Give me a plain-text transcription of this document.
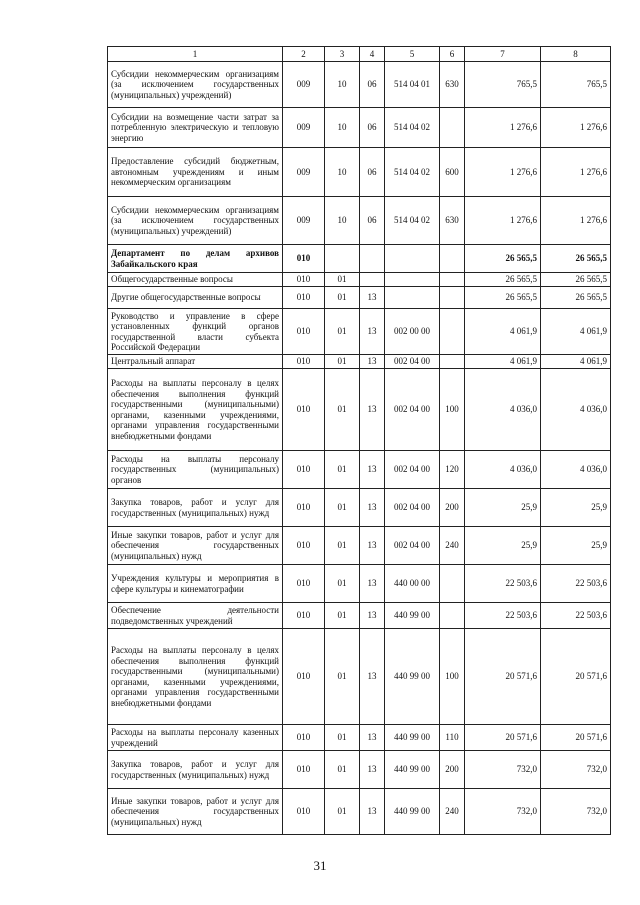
1	2	3	4	5	6	7	8
Субсидии некоммерческим организациям (за исключением государственных (муниципальных) учреждений)	009	10	06	514 04 01	630	765,5	765,5
Субсидии на возмещение части затрат за потребленную электрическую и тепловую энергию	009	10	06	514 04 02		1 276,6	1 276,6
Предоставление субсидий бюджетным, автономным учреждениям и иным некоммерческим организациям	009	10	06	514 04 02	600	1 276,6	1 276,6
Субсидии некоммерческим организациям (за исключением государственных (муниципальных) учреждений)	009	10	06	514 04 02	630	1 276,6	1 276,6
Департамент по делам архивов Забайкальского края	010					26 565,5	26 565,5
Общегосударственные вопросы	010	01				26 565,5	26 565,5
Другие общегосударственные вопросы	010	01	13			26 565,5	26 565,5
Руководство и управление в сфере установленных функций органов государственной власти субъекта Российской Федерации	010	01	13	002 00 00		4 061,9	4 061,9
Центральный аппарат	010	01	13	002 04 00		4 061,9	4 061,9
Расходы на выплаты персоналу в целях обеспечения выполнения функций государственными (муниципальными) органами, казенными учреждениями, органами управления государственными внебюджетными фондами	010	01	13	002 04 00	100	4 036,0	4 036,0
Расходы на выплаты персоналу государственных (муниципальных) органов	010	01	13	002 04 00	120	4 036,0	4 036,0
Закупка товаров, работ и услуг для государственных (муниципальных) нужд	010	01	13	002 04 00	200	25,9	25,9
Иные закупки товаров, работ и услуг для обеспечения государственных (муниципальных) нужд	010	01	13	002 04 00	240	25,9	25,9
Учреждения культуры и мероприятия в сфере культуры и кинематографии	010	01	13	440 00 00		22 503,6	22 503,6
Обеспечение деятельности подведомственных учреждений	010	01	13	440 99 00		22 503,6	22 503,6
Расходы на выплаты персоналу в целях обеспечения выполнения функций государственными (муниципальными) органами, казенными учреждениями, органами управления государственными внебюджетными фондами	010	01	13	440 99 00	100	20 571,6	20 571,6
Расходы на выплаты персоналу казенных учреждений	010	01	13	440 99 00	110	20 571,6	20 571,6
Закупка товаров, работ и услуг для государственных (муниципальных) нужд	010	01	13	440 99 00	200	732,0	732,0
Иные закупки товаров, работ и услуг для обеспечения государственных (муниципальных) нужд	010	01	13	440 99 00	240	732,0	732,0
31
